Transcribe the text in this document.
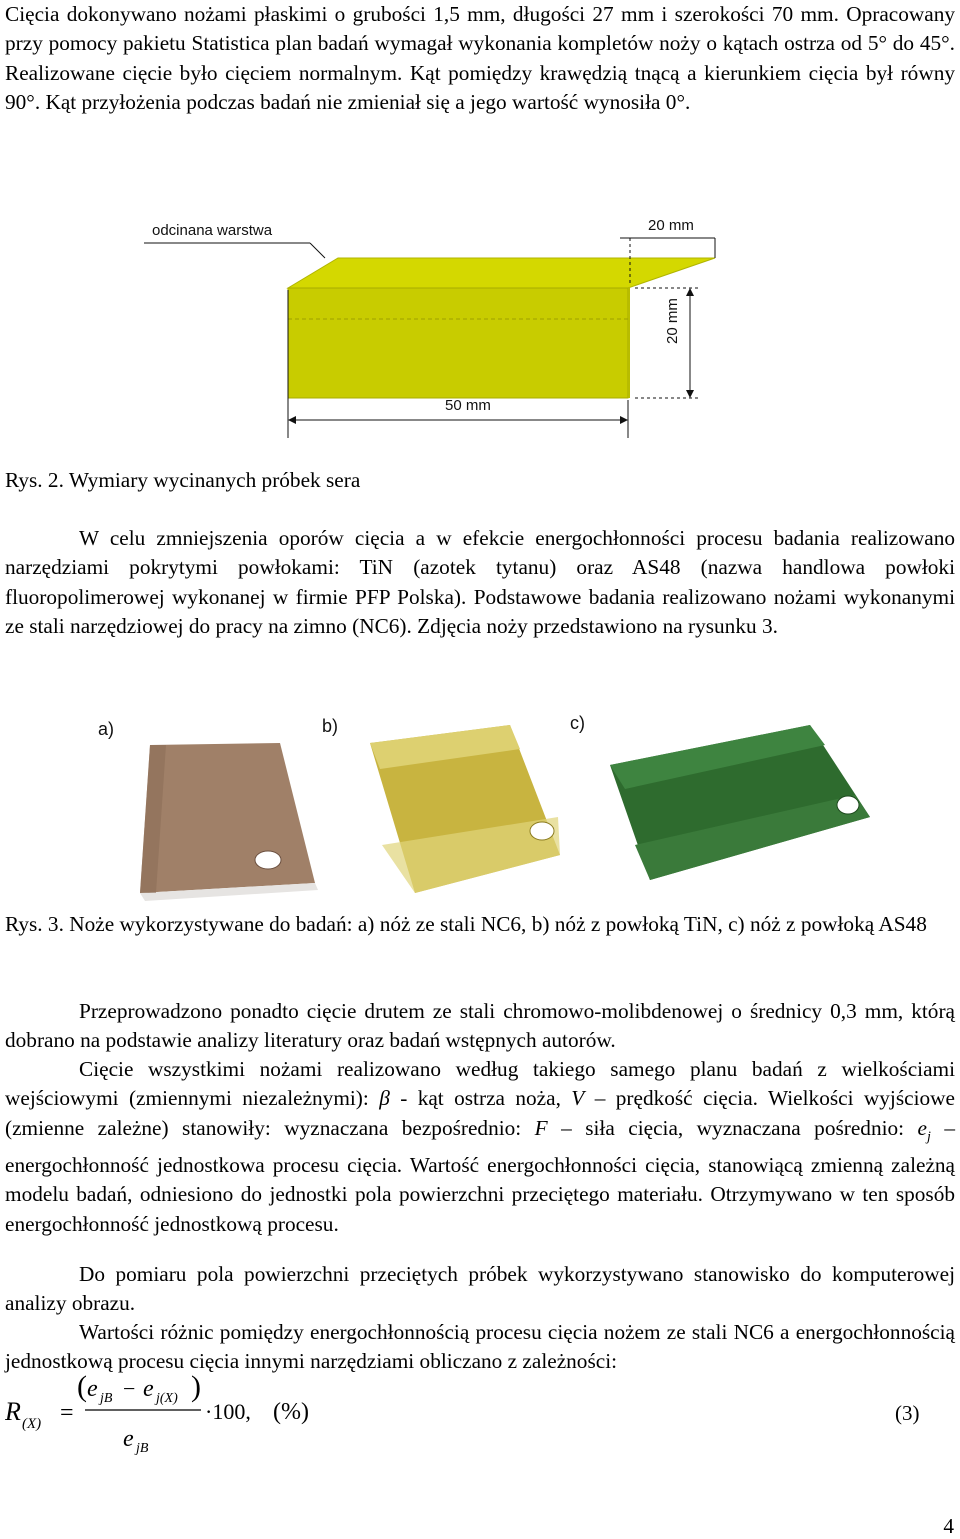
Cięcia dokonywano nożami płaskimi o grubości 1,5 mm, długości 27 mm i szerokości 70 mm. Opracowany przy pomocy pakietu Statistica plan badań wymagał wykonania kompletów noży o kątach ostrza od 5° do 45°. Realizowane cięcie było cięciem normalnym. Kąt pomiędzy krawędzią tnącą a kierunkiem cięcia był równy 90°. Kąt przyłożenia podczas badań nie zmieniał się a jego wartość wynosiła 0°.

odcinana warstwa	20 mm
20 mm
50 mm

Rys. 2. Wymiary wycinanych próbek sera

W celu zmniejszenia oporów cięcia a w efekcie energochłonności procesu badania realizowano narzędziami pokrytymi powłokami: TiN (azotek tytanu) oraz AS48 (nazwa handlowa powłoki fluoropolimerowej wykonanej w firmie PFP Polska). Podstawowe badania realizowano nożami wykonanymi ze stali narzędziowej do pracy na zimno (NC6). Zdjęcia noży przedstawiono na rysunku 3.

a)	b)	c)

Rys. 3. Noże wykorzystywane do badań: a) nóż ze stali NC6, b) nóż z powłoką TiN, c) nóż z powłoką AS48

Przeprowadzono ponadto cięcie drutem ze stali chromowo-molibdenowej o średnicy 0,3 mm, którą dobrano na podstawie analizy literatury oraz badań wstępnych autorów.

Cięcie wszystkimi nożami realizowano według takiego samego planu badań z wielkościami wejściowymi (zmiennymi niezależnymi): β - kąt ostrza noża, V – prędkość cięcia. Wielkości wyjściowe (zmienne zależne) stanowiły: wyznaczana bezpośrednio: F – siła cięcia, wyznaczana pośrednio: $e_j$ – energochłonność jednostkowa procesu cięcia. Wartość energochłonności cięcia, stanowiącą zmienną zależną modelu badań, odniesiono do jednostki pola powierzchni przeciętego materiału. Otrzymywano w ten sposób energochłonność jednostkową procesu.

Do pomiaru pola powierzchni przeciętych próbek wykorzystywano stanowisko do komputerowej analizy obrazu.

Wartości różnic pomiędzy energochłonnością procesu cięcia nożem ze stali NC6 a energochłonnością jednostkową procesu cięcia innymi narzędziami obliczano z zależności:

R (X) =
( e jB − e j(X) )
e jB
·100, (%)	(3)
4
